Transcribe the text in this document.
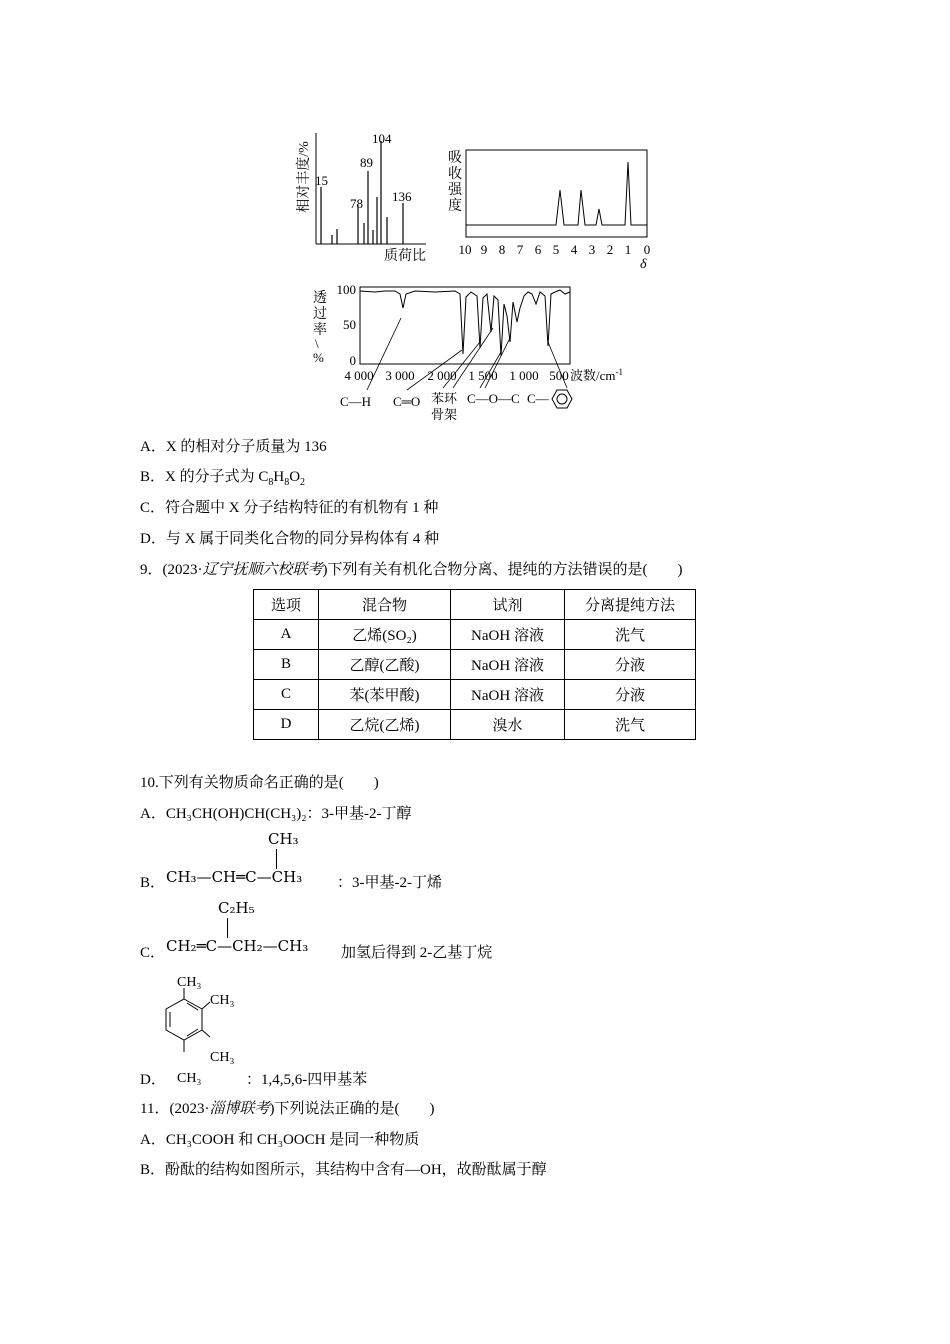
相对丰度/% 15
78
89
104
136
质荷比
吸
收
强
度
10 9 8 7 6 5 4 3 2 1 0
δ
透
过
率
\
%
100
50
0
4 000 3 000 2 000 1 500 1 000 500 波数$/cm^{-1}$
C—H C═O 苯环
骨架
C—O—C C—
A．X 的相对分子质量为 136
B．X 的分子式为 $C_8H_8O_2$
C．符合题中 X 分子结构特征的有机物有 1 种
D．与 X 属于同类化合物的同分异构体有 4 种
9．(2023·辽宁抚顺六校联考)下列有关有机化合物分离、提纯的方法错误的是(　　)
选项	混合物	试剂	分离提纯方法
A	乙烯(SO₂)	NaOH 溶液	洗气
B	乙醇(乙酸)	NaOH 溶液	分液
C	苯(苯甲酸)	NaOH 溶液	分液
D	乙烷(乙烯)	溴水	洗气
10.下列有关物质命名正确的是(　　)
A．CH₃CH(OH)CH(CH₃)₂：3-甲基-2-丁醇
B．
CH₃
CH₃—CH═C—CH₃ ：3-甲基-2-丁烯
C．
C₂H₅
CH₂═C—CH₂—CH₃ 加氢后得到 2-乙基丁烷
D．
CH₃
CH₃
CH₃
CH₃	：1,4,5,6-四甲基苯
11．(2023·淄博联考)下列说法正确的是(　　)
A．CH₃COOH 和 CH₃OOCH 是同一种物质
B．酚酞的结构如图所示，其结构中含有—OH，故酚酞属于醇
